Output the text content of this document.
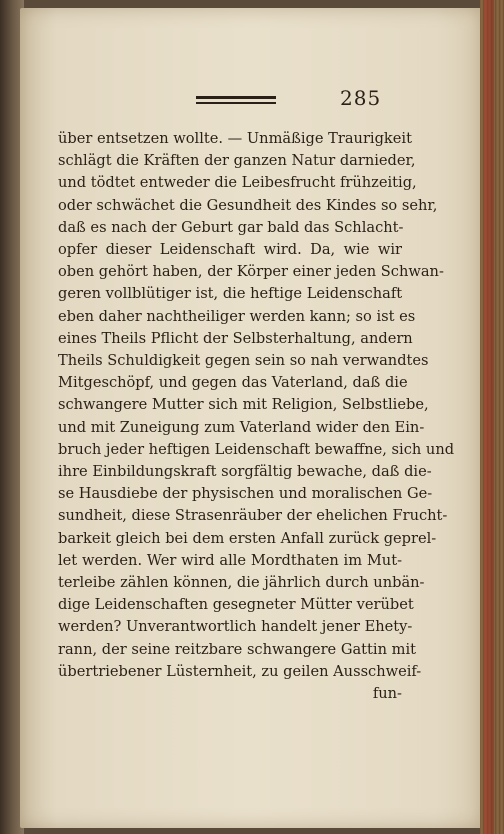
285
über entsetzen wollte. — Unmäßige Traurigkeit
schlägt die Kräften der ganzen Natur darnieder,
und tödtet entweder die Leibesfrucht frühzeitig,
oder schwächet die Gesundheit des Kindes so sehr,
daß es nach der Geburt gar bald das Schlacht-
opfer dieser Leidenschaft wird. Da, wie wir
oben gehört haben, der Körper einer jeden Schwan-
geren vollblütiger ist, die heftige Leidenschaft
eben daher nachtheiliger werden kann; so ist es
eines Theils Pflicht der Selbsterhaltung, andern
Theils Schuldigkeit gegen sein so nah verwandtes
Mitgeschöpf, und gegen das Vaterland, daß die
schwangere Mutter sich mit Religion, Selbstliebe,
und mit Zuneigung zum Vaterland wider den Ein-
bruch jeder heftigen Leidenschaft bewaffne, sich und
ihre Einbildungskraft sorgfältig bewache, daß die-
se Hausdiebe der physischen und moralischen Ge-
sundheit, diese Strasenräuber der ehelichen Frucht-
barkeit gleich bei dem ersten Anfall zurück geprel-
let werden. Wer wird alle Mordthaten im Mut-
terleibe zählen können, die jährlich durch unbän-
dige Leidenschaften gesegneter Mütter verübet
werden? Unverantwortlich handelt jener Ehety-
rann, der seine reitzbare schwangere Gattin mit
übertriebener Lüsternheit, zu geilen Ausschweif-
fun-
